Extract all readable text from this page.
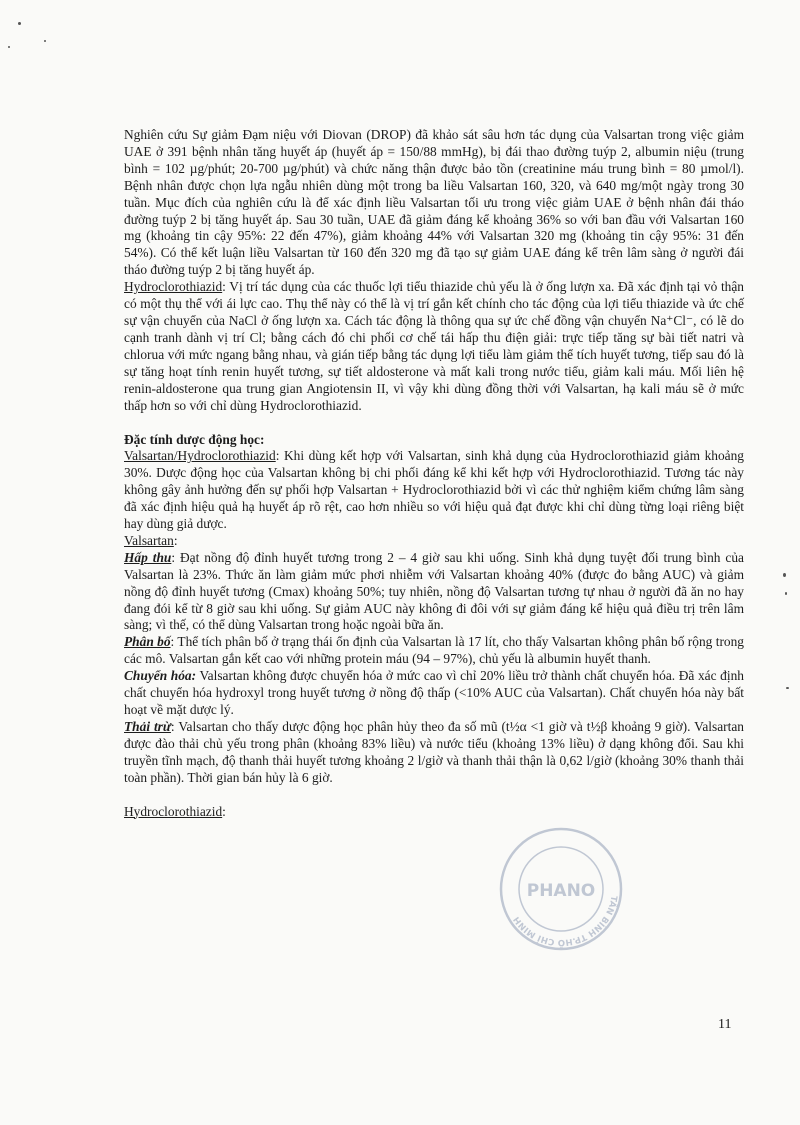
Nghiên cứu Sự giảm Đạm niệu với Diovan (DROP) đã khảo sát sâu hơn tác dụng của Valsartan trong việc giảm UAE ở 391 bệnh nhân tăng huyết áp (huyết áp = 150/88 mmHg), bị đái thao đường tuýp 2, albumin niệu (trung bình = 102 µg/phút; 20-700 µg/phút) và chức năng thận được bảo tồn (creatinine máu trung bình = 80 µmol/l). Bệnh nhân được chọn lựa ngẫu nhiên dùng một trong ba liều Valsartan 160, 320, và 640 mg/một ngày trong 30 tuần. Mục đích của nghiên cứu là để xác định liều Valsartan tối ưu trong việc giảm UAE ở bệnh nhân đái tháo đường tuýp 2 bị tăng huyết áp. Sau 30 tuần, UAE đã giảm đáng kể khoảng 36% so với ban đầu với Valsartan 160 mg (khoảng tin cậy 95%: 22 đến 47%), giảm khoảng 44% với Valsartan 320 mg (khoảng tin cậy 95%: 31 đến 54%). Có thể kết luận liều Valsartan từ 160 đến 320 mg đã tạo sự giảm UAE đáng kể trên lâm sàng ở người đái tháo đường tuýp 2 bị tăng huyết áp.

Hydroclorothiazid: Vị trí tác dụng của các thuốc lợi tiểu thiazide chủ yếu là ở ống lượn xa. Đã xác định tại vỏ thận có một thụ thể với ái lực cao. Thụ thể này có thể là vị trí gắn kết chính cho tác động của lợi tiểu thiazide và ức chế sự vận chuyển của NaCl ở ống lượn xa. Cách tác động là thông qua sự ức chế đồng vận chuyển Na⁺Cl⁻, có lẽ do cạnh tranh dành vị trí Cl; bằng cách đó chi phối cơ chế tái hấp thu điện giải: trực tiếp tăng sự bài tiết natri và chlorua với mức ngang bằng nhau, và gián tiếp bằng tác dụng lợi tiểu làm giảm thể tích huyết tương, tiếp sau đó là sự tăng hoạt tính renin huyết tương, sự tiết aldosterone và mất kali trong nước tiểu, giảm kali máu. Mối liên hệ renin-aldosterone qua trung gian Angiotensin II, vì vậy khi dùng đồng thời với Valsartan, hạ kali máu sẽ ở mức thấp hơn so với chỉ dùng Hydroclorothiazid.

Đặc tính dược động học:

Valsartan/Hydroclorothiazid: Khi dùng kết hợp với Valsartan, sinh khả dụng của Hydroclorothiazid giảm khoảng 30%. Dược động học của Valsartan không bị chi phối đáng kể khi kết hợp với Hydroclorothiazid. Tương tác này không gây ảnh hưởng đến sự phối hợp Valsartan + Hydroclorothiazid bởi vì các thử nghiệm kiểm chứng lâm sàng đã xác định hiệu quả hạ huyết áp rõ rệt, cao hơn nhiều so với hiệu quả đạt được khi chỉ dùng từng loại riêng biệt hay dùng giả dược.

Valsartan:

Hấp thu: Đạt nồng độ đỉnh huyết tương trong 2 – 4 giờ sau khi uống. Sinh khả dụng tuyệt đối trung bình của Valsartan là 23%. Thức ăn làm giảm mức phơi nhiễm với Valsartan khoảng 40% (được đo bằng AUC) và giảm nồng độ đỉnh huyết tương (Cmax) khoảng 50%; tuy nhiên, nồng độ Valsartan tương tự nhau ở người đã ăn no hay đang đói kể từ 8 giờ sau khi uống. Sự giảm AUC này không đi đôi với sự giảm đáng kể hiệu quả điều trị trên lâm sàng; vì thế, có thể dùng Valsartan trong hoặc ngoài bữa ăn.

Phân bố: Thể tích phân bố ở trạng thái ổn định của Valsartan là 17 lít, cho thấy Valsartan không phân bố rộng trong các mô. Valsartan gắn kết cao với những protein máu (94 – 97%), chủ yếu là albumin huyết thanh.

Chuyển hóa: Valsartan không được chuyển hóa ở mức cao vì chỉ 20% liều trở thành chất chuyển hóa. Đã xác định chất chuyển hóa hydroxyl trong huyết tương ở nồng độ thấp (<10% AUC của Valsartan). Chất chuyển hóa này bất hoạt về mặt dược lý.

Thải trừ: Valsartan cho thấy dược động học phân hủy theo đa số mũ (t½α <1 giờ và t½β khoảng 9 giờ). Valsartan được đào thải chủ yếu trong phân (khoảng 83% liều) và nước tiểu (khoảng 13% liều) ở dạng không đổi. Sau khi truyền tĩnh mạch, độ thanh thải huyết tương khoảng 2 l/giờ và thanh thải thận là 0,62 l/giờ (khoảng 30% thanh thải toàn phần). Thời gian bán hủy là 6 giờ.

Hydroclorothiazid:

TÂN BÌNH TP.HỒ CHÍ MINH
PHANO
11
